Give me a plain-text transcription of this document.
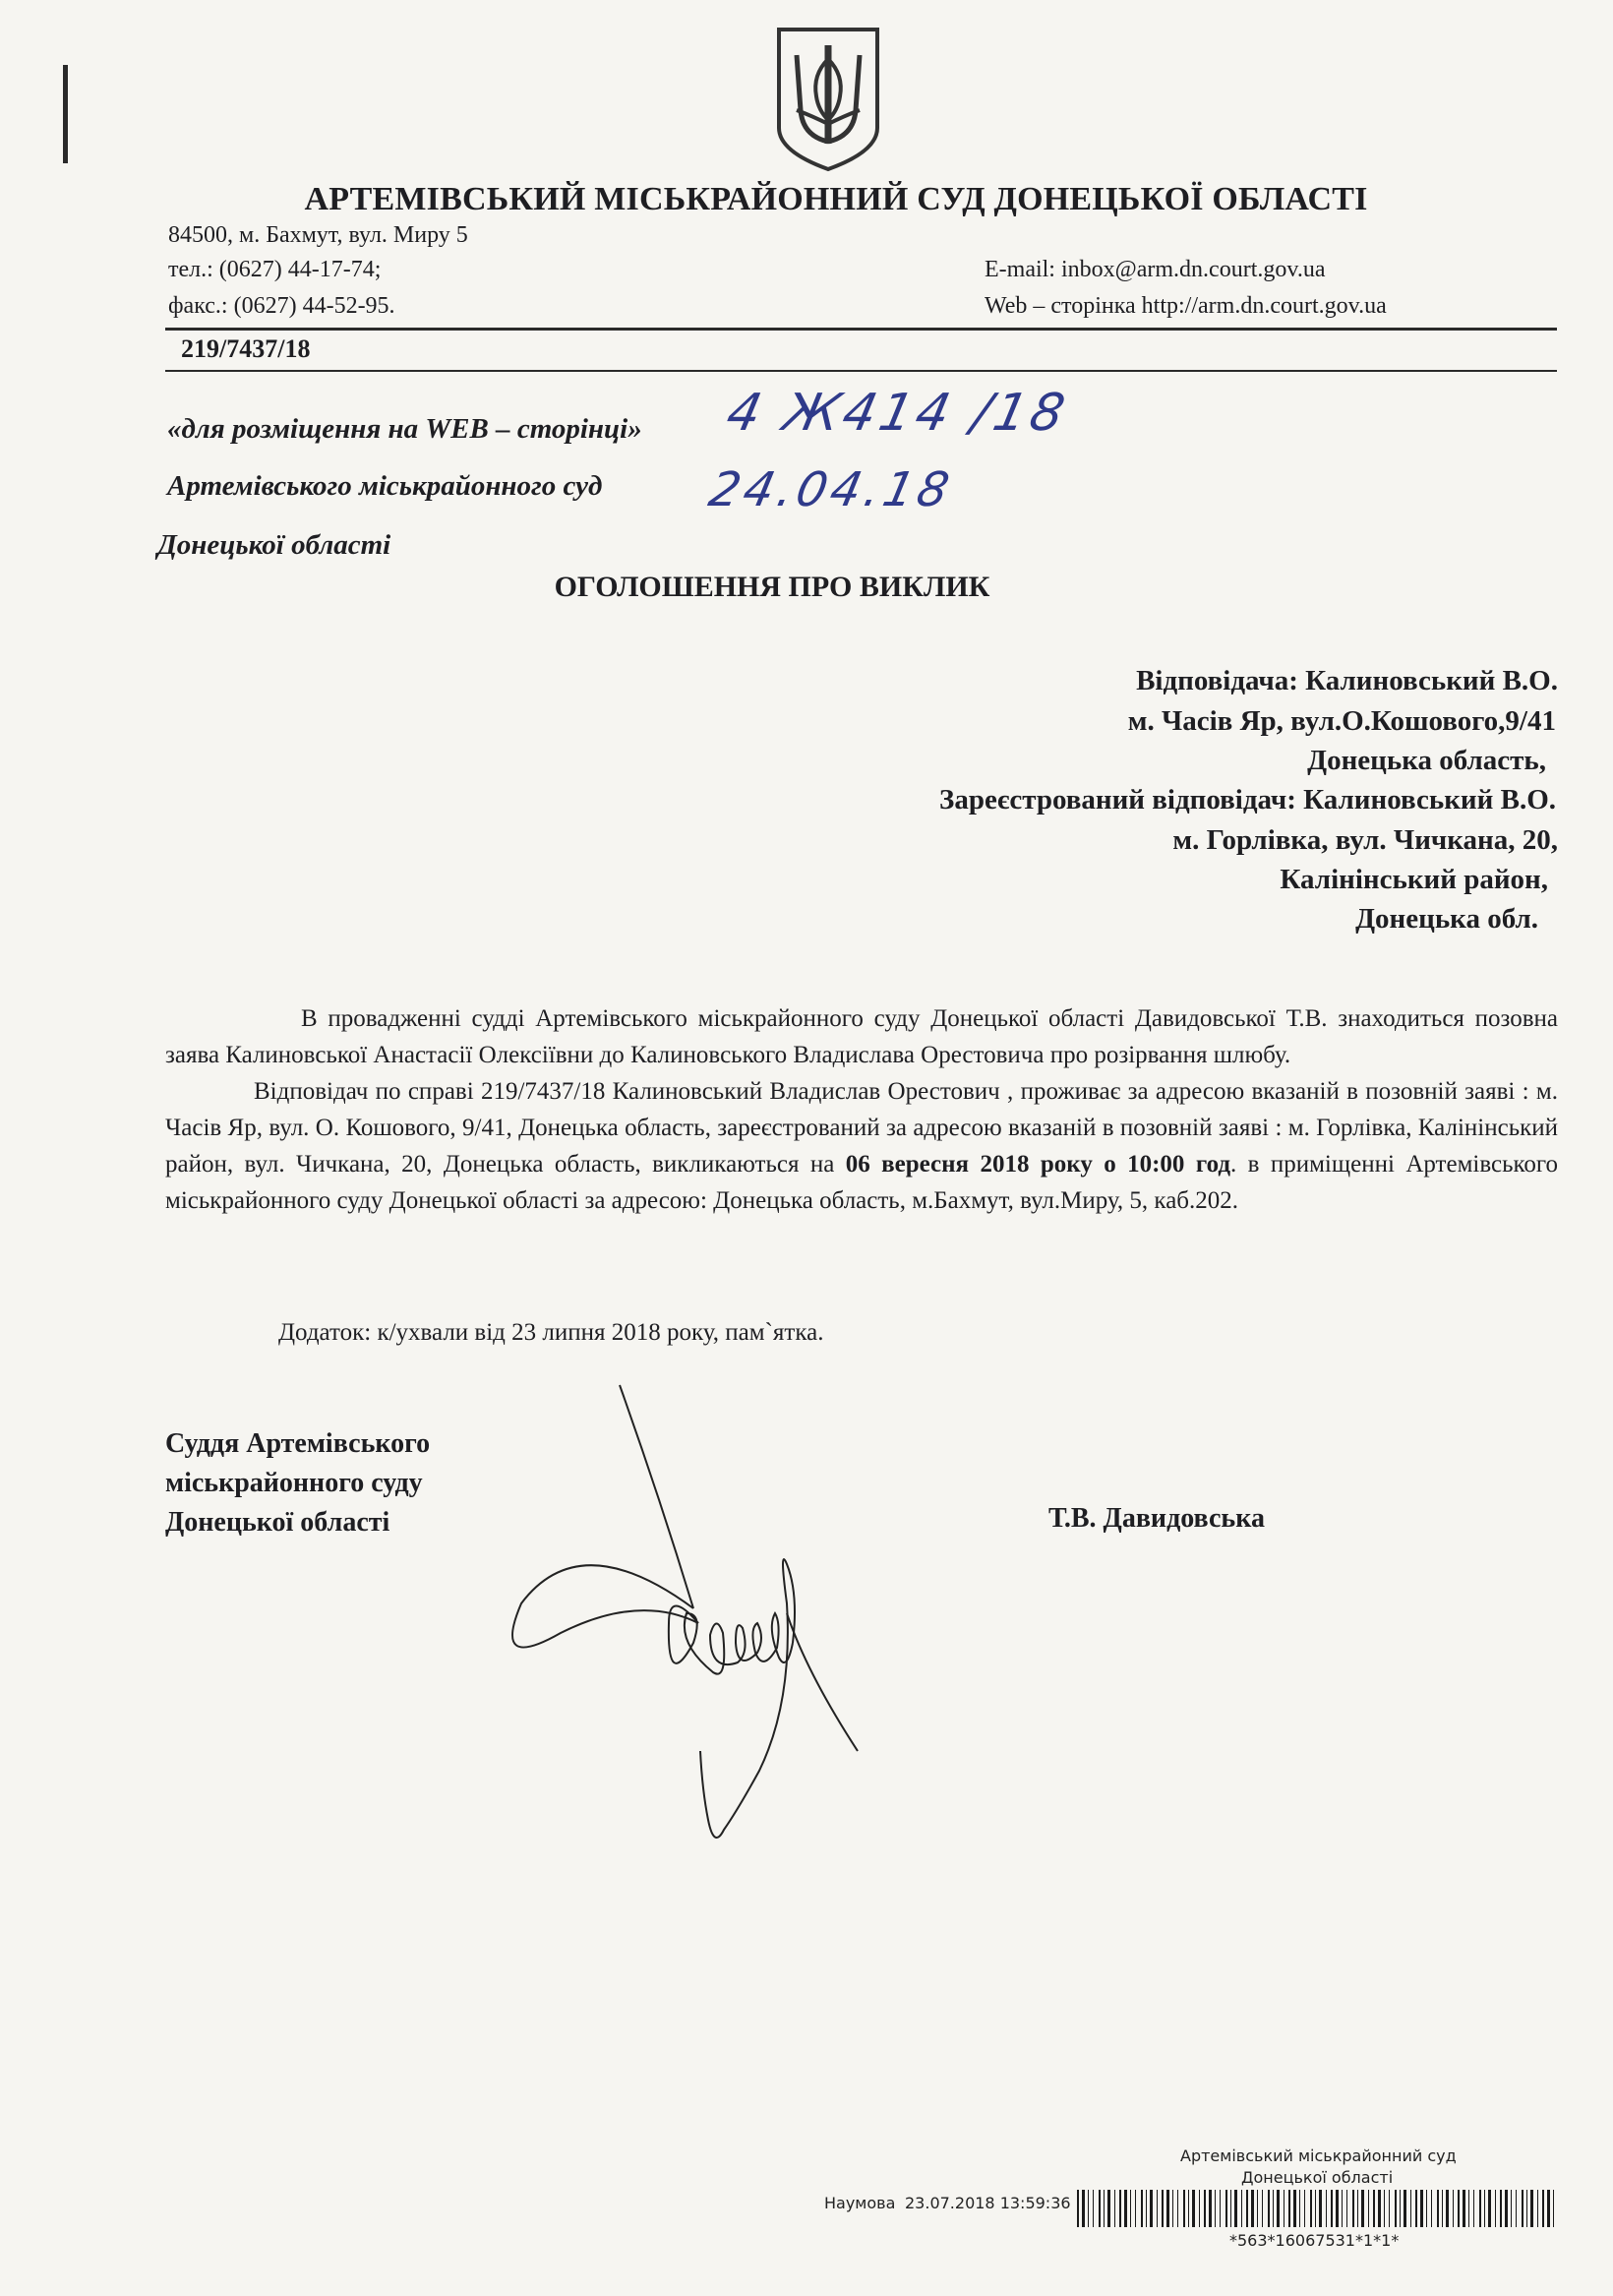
АРТЕМІВСЬКИЙ МІСЬКРАЙОННИЙ СУД ДОНЕЦЬКОЇ ОБЛАСТІ
84500, м. Бахмут, вул. Миру 5
тел.: (0627) 44-17-74;
факс.: (0627) 44-52-95.
E-mail: inbox@arm.dn.court.gov.ua
Web – сторінка http://arm.dn.court.gov.ua
219/7437/18
«для розміщення на WEB – сторінці»
Артемівського міськрайонного суд
Донецької області
4 Ж414 /18
24.04.18
ОГОЛОШЕННЯ ПРО ВИКЛИК
Відповідача: Калиновський В.О.
м. Часів Яр, вул.О.Кошового,9/41
Донецька область,
Зареєстрований відповідач: Калиновський В.О.
м. Горлівка, вул. Чичкана, 20,
Калінінський район,
Донецька обл.

В провадженні судді Артемівського міськрайонного суду Донецької області Давидовської Т.В. знаходиться позовна заява Калиновської Анастасії Олексіївни до Калиновського Владислава Орестовича про розірвання шлюбу.

Відповідач по справі 219/7437/18 Калиновський Владислав Орестович , проживає за адресою вказаній в позовній заяві : м. Часів Яр, вул. О. Кошового, 9/41, Донецька область, зареєстрований за адресою вказаній в позовній заяві : м. Горлівка, Калінінський район, вул. Чичкана, 20, Донецька область, викликаються на 06 вересня 2018 року о 10:00 год. в приміщенні Артемівського міськрайонного суду Донецької області за адресою: Донецька область, м.Бахмут, вул.Миру, 5, каб.202.

Додаток: к/ухвали від 23 липня 2018 року, пам`ятка.
Суддя Артемівського
міськрайонного суду
Донецької області	Т.В. Давидовська
Артемівський міськрайонний суд
Донецької області
Наумова 23.07.2018 13:59:36
*563*16067531*1*1*
